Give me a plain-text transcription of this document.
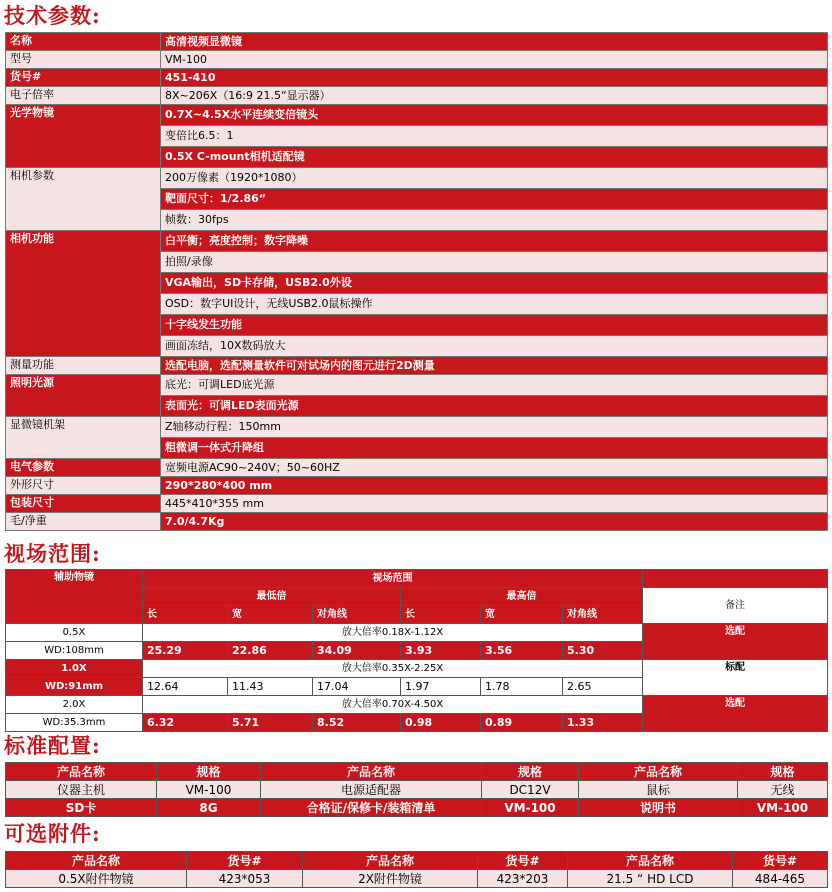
技术参数:
名称	高清视频显微镜
型号	VM-100
货号#	451-410
电子倍率	8X~206X（16:9 21.5“显示器）
光学物镜	0.7X~4.5X水平连续变倍镜头
	变倍比6.5：1
	0.5X C-mount相机适配镜
相机参数	200万像素（1920*1080）
	靶面尺寸：1/2.86“
	帧数：30fps
相机功能	白平衡；亮度控制；数字降噪
	拍照/录像
	VGA输出，SD卡存储，USB2.0外设
	OSD：数字UI设计，无线USB2.0鼠标操作
	十字线发生功能
	画面冻结，10X数码放大
测量功能	选配电脑，选配测量软件可对试场内的图元进行2D测量
照明光源	底光：可调LED底光源
	表面光：可调LED表面光源
显微镜机架	Z轴移动行程：150mm
	粗微调一体式升降组
电气参数	宽频电源AC90~240V；50~60HZ
外形尺寸	290*280*400 mm
包装尺寸	445*410*355 mm
毛/净重	7.0/4.7Kg
视场范围:
辅助物镜	视场范围						
	最低倍			最高倍			备注
	长	宽	对角线	长	宽	对角线	
0.5X	放大倍率0.18X-1.12X						选配
WD:108mm	25.29	22.86	34.09	3.93	3.56	5.30	
1.0X	放大倍率0.35X-2.25X						标配
WD:91mm	12.64	11.43	17.04	1.97	1.78	2.65	
2.0X	放大倍率0.70X-4.50X						选配
WD:35.3mm	6.32	5.71	8.52	0.98	0.89	1.33	
标准配置:
产品名称	规格	产品名称	规格	产品名称	规格
仪器主机	VM-100	电源适配器	DC12V	鼠标	无线
SD卡	8G	合格证/保修卡/装箱清单	VM-100	说明书	VM-100
可选附件:
产品名称	货号#	产品名称	货号#	产品名称	货号#
0.5X附件物镜	423*053	2X附件物镜	423*203	21.5 “ HD LCD	484-465
